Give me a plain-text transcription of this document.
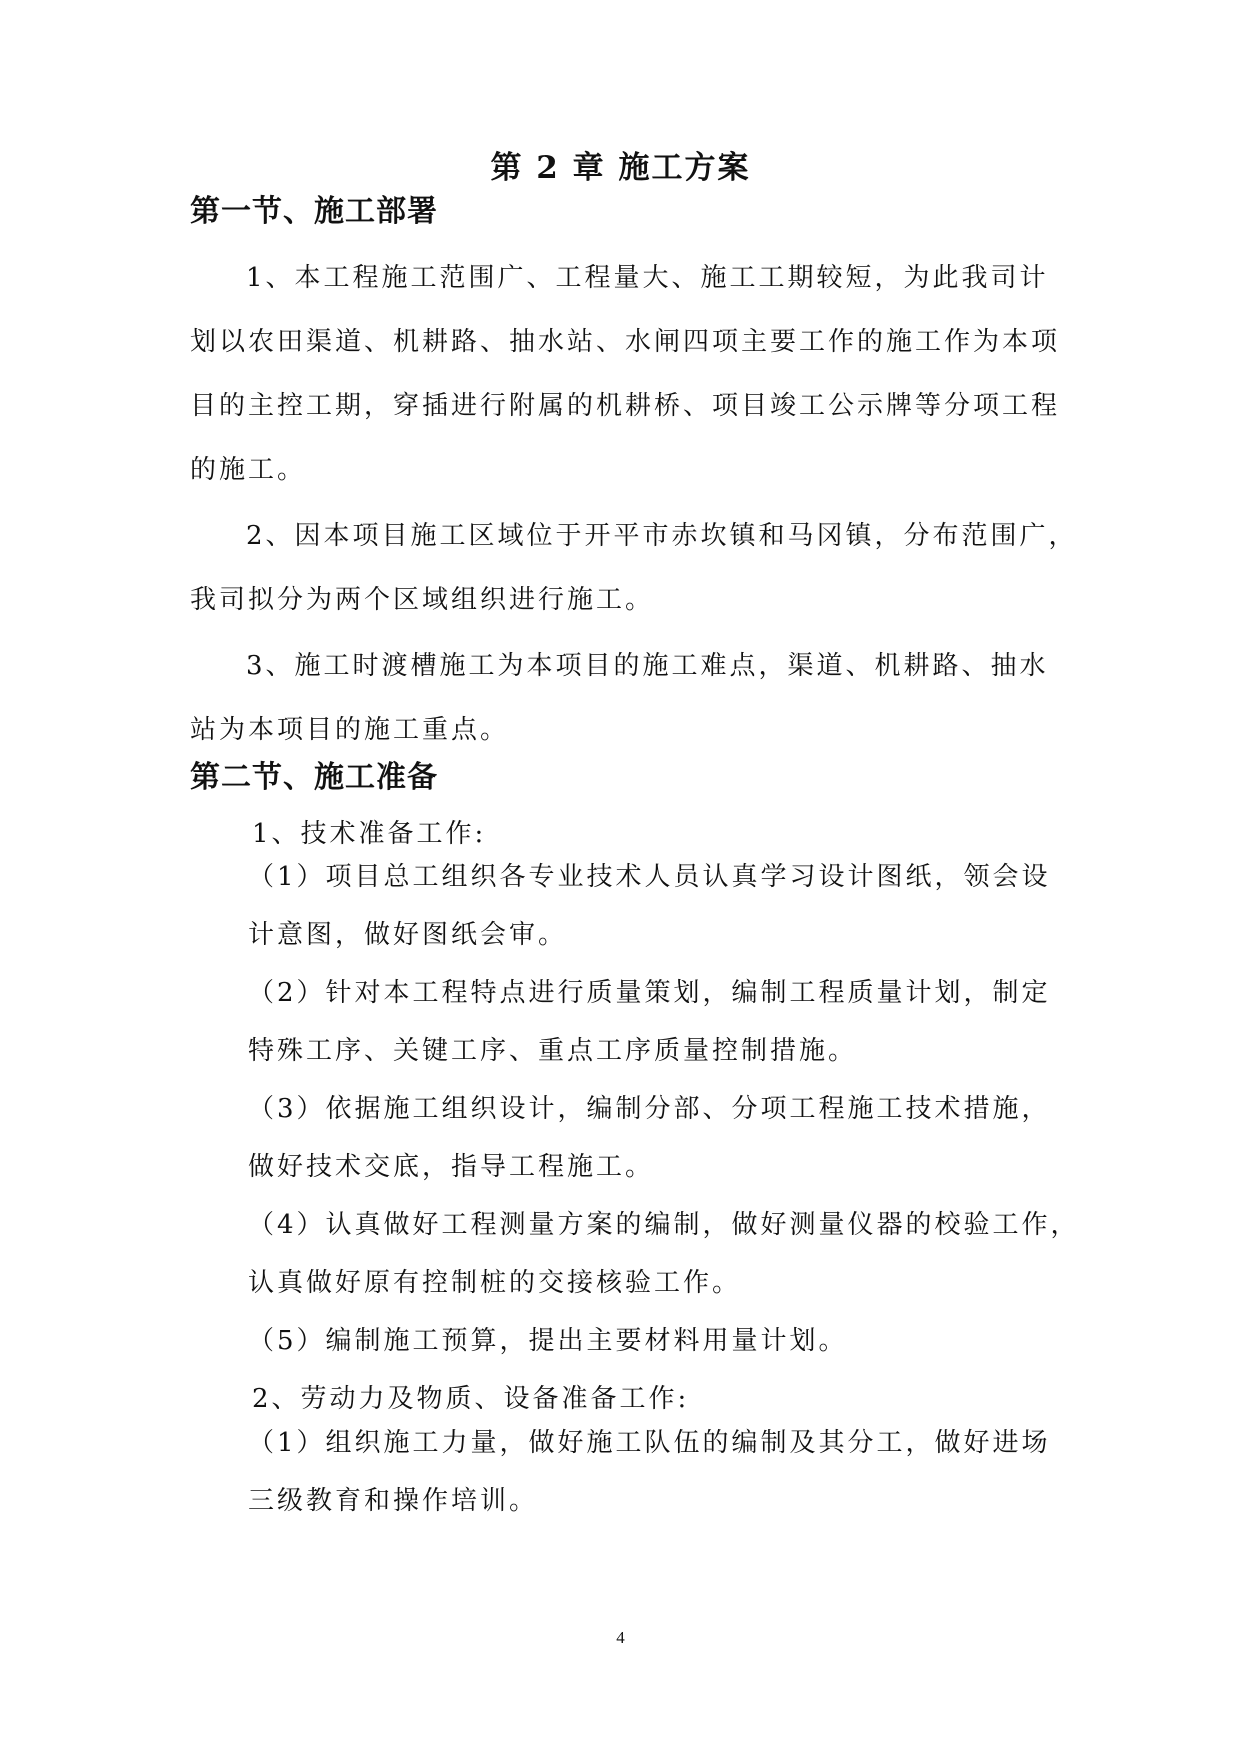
第 2 章 施工方案
第一节、施工部署
1、本工程施工范围广、工程量大、施工工期较短，为此我司计
划以农田渠道、机耕路、抽水站、水闸四项主要工作的施工作为本项
目的主控工期，穿插进行附属的机耕桥、项目竣工公示牌等分项工程
的施工。
2、因本项目施工区域位于开平市赤坎镇和马冈镇，分布范围广，
我司拟分为两个区域组织进行施工。
3、施工时渡槽施工为本项目的施工难点，渠道、机耕路、抽水
站为本项目的施工重点。
第二节、施工准备
1、技术准备工作:
（1）项目总工组织各专业技术人员认真学习设计图纸，领会设
计意图，做好图纸会审。
（2）针对本工程特点进行质量策划，编制工程质量计划，制定
特殊工序、关键工序、重点工序质量控制措施。
（3）依据施工组织设计，编制分部、分项工程施工技术措施，
做好技术交底，指导工程施工。
（4）认真做好工程测量方案的编制，做好测量仪器的校验工作，
认真做好原有控制桩的交接核验工作。
（5）编制施工预算，提出主要材料用量计划。
2、劳动力及物质、设备准备工作:
（1）组织施工力量，做好施工队伍的编制及其分工，做好进场
三级教育和操作培训。
4
